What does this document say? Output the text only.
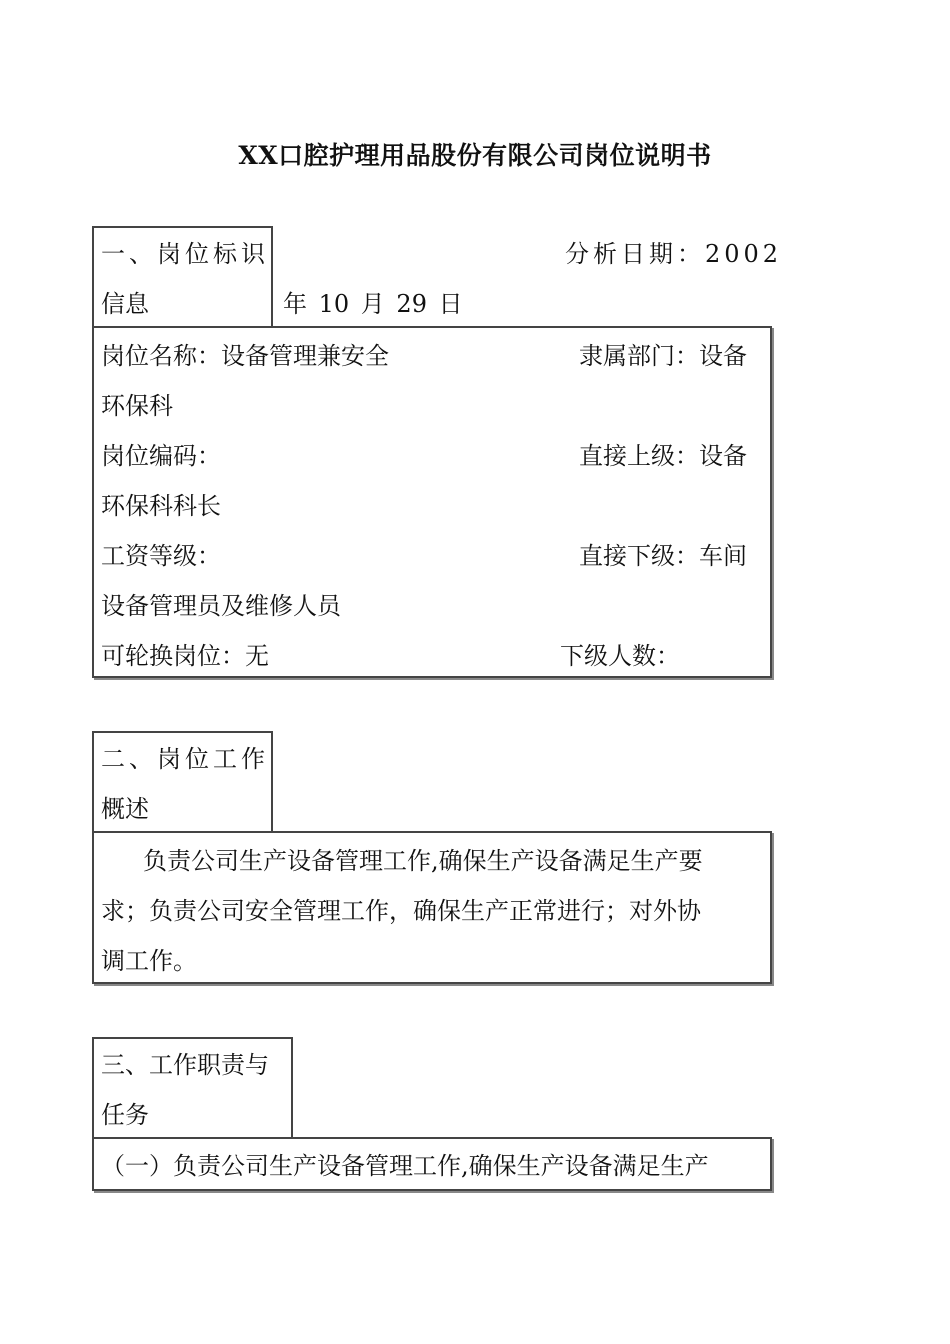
XX口腔护理用品股份有限公司岗位说明书
一、岗位标识
信息
分析日期：2002
年 10 月 29 日
岗位名称：设备管理兼安全	隶属部门：设备
环保科
岗位编码：	直接上级：设备
环保科科长
工资等级：	直接下级：车间
设备管理员及维修人员
可轮换岗位：无	下级人数：
二、岗位工作
概述
负责公司生产设备管理工作,确保生产设备满足生产要
求；负责公司安全管理工作，确保生产正常进行；对外协
调工作。
三、工作职责与
任务
（一）负责公司生产设备管理工作,确保生产设备满足生产
